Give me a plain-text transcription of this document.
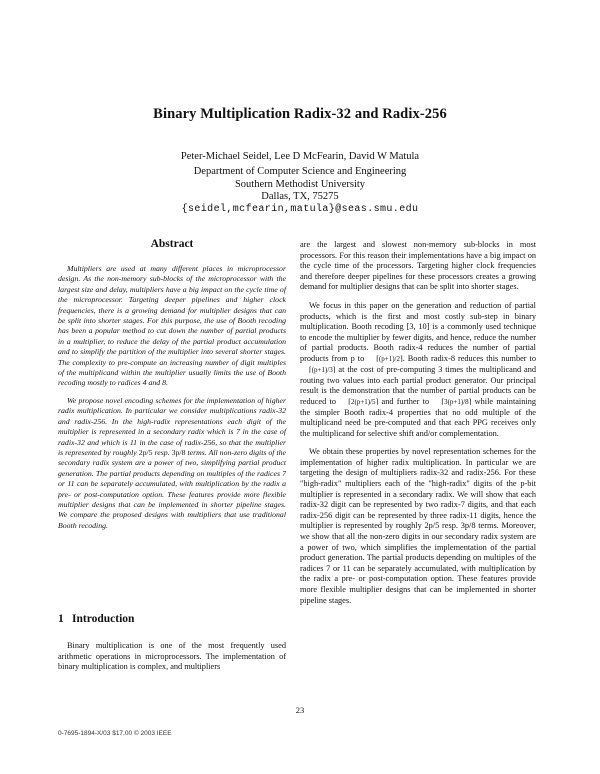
Binary Multiplication Radix-32 and Radix-256
Peter-Michael Seidel, Lee D McFearin, David W Matula
Department of Computer Science and Engineering
Southern Methodist University
Dallas, TX, 75275
{seidel,mcfearin,matula}@seas.smu.edu
Abstract

Multipliers are used at many different places in microprocessor design. As the non-memory sub-blocks of the microprocessor with the largest size and delay, multipliers have a big impact on the cycle time of the microprocessor. Targeting deeper pipelines and higher clock frequencies, there is a growing demand for multiplier designs that can be split into shorter stages. For this purpose, the use of Booth recoding has been a popular method to cut down the number of partial products in a multiplier, to reduce the delay of the partial product accumulation and to simplify the partition of the multiplier into several shorter stages. The complexity to pre-compute an increasing number of digit multiples of the multiplicand within the multiplier usually limits the use of Booth recoding mostly to radices 4 and 8.

We propose novel encoding schemes for the implementation of higher radix multiplication. In particular we consider multiplications radix-32 and radix-256. In the high-radix representations each digit of the multiplier is represented in a secondary radix which is 7 in the case of radix-32 and which is 11 in the case of radix-256, so that the multiplier is represented by roughly 2p/5 resp. 3p/8 terms. All non-zero digits of the secondary radix system are a power of two, simplifying partial product generation. The partial products depending on multiples of the radices 7 or 11 can be separately accumulated, with multiplication by the radix a pre- or post-computation option. These features provide more flexible multiplier designs that can be implemented in shorter pipeline stages. We compare the proposed designs with multipliers that use traditional Booth recoding.

1 Introduction

Binary multiplication is one of the most frequently used arithmetic operations in microprocessors. The implementation of binary multiplication is complex, and multipliers

are the largest and slowest non-memory sub-blocks in most processors. For this reason their implementations have a big impact on the cycle time of the processors. Targeting higher clock frequencies and therefore deeper pipelines for these processors creates a growing demand for multiplier designs that can be split into shorter stages.

We focus in this paper on the generation and reduction of partial products, which is the first and most costly sub-step in binary multiplication. Booth recoding [3, 10] is a commonly used technique to encode the multiplier by fewer digits, and hence, reduce the number of partial products. Booth radix-4 reduces the number of partial products from p to ⌈(p+1)/2⌉. Booth radix-8 reduces this number to ⌈(p+1)/3⌉ at the cost of pre-computing 3 times the multiplicand and routing two values into each partial product generator. Our principal result is the demonstration that the number of partial products can be reduced to ⌈2(p+1)/5⌉ and further to ⌈3(p+1)/8⌉ while maintaining the simpler Booth radix-4 properties that no odd multiple of the multiplicand need be pre-computed and that each PPG receives only the multiplicand for selective shift and/or complementation.

We obtain these properties by novel representation schemes for the implementation of higher radix multiplication. In particular we are targeting the design of multipliers radix-32 and radix-256. For these "high-radix" multipliers each of the "high-radix" digits of the p-bit multiplier is represented in a secondary radix. We will show that each radix-32 digit can be represented by two radix-7 digits, and that each radix-256 digit can be represented by three radix-11 digits, hence the multiplier is represented by roughly 2p/5 resp. 3p/8 terms. Moreover, we show that all the non-zero digits in our secondary radix system are a power of two, which simplifies the implementation of the partial product generation. The partial products depending on multiples of the radices 7 or 11 can be separately accumulated, with multiplication by the radix a pre- or post-computation option. These features provide more flexible multiplier designs that can be implemented in shorter pipeline stages.

23
0-7695-1894-X/03 $17.00 © 2003 IEEE
